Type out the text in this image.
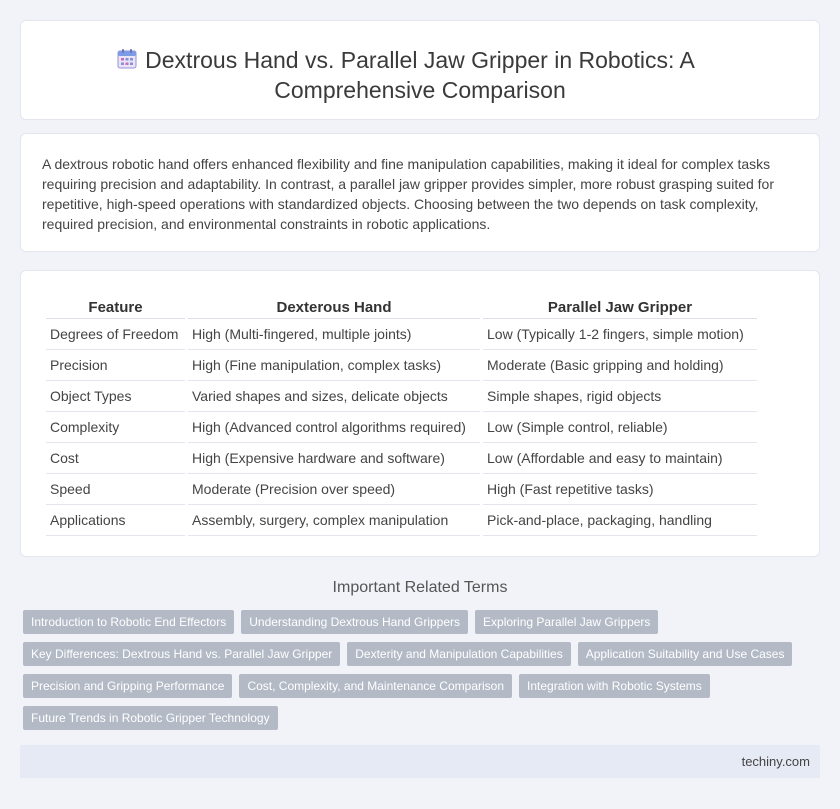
Dextrous Hand vs. Parallel Jaw Gripper in Robotics: A Comprehensive Comparison

A dextrous robotic hand offers enhanced flexibility and fine manipulation capabilities, making it ideal for complex tasks requiring precision and adaptability. In contrast, a parallel jaw gripper provides simpler, more robust grasping suited for repetitive, high-speed operations with standardized objects. Choosing between the two depends on task complexity, required precision, and environmental constraints in robotic applications.

Feature	Dexterous Hand	Parallel Jaw Gripper
Degrees of Freedom	High (Multi-fingered, multiple joints)	Low (Typically 1-2 fingers, simple motion)
Precision	High (Fine manipulation, complex tasks)	Moderate (Basic gripping and holding)
Object Types	Varied shapes and sizes, delicate objects	Simple shapes, rigid objects
Complexity	High (Advanced control algorithms required)	Low (Simple control, reliable)
Cost	High (Expensive hardware and software)	Low (Affordable and easy to maintain)
Speed	Moderate (Precision over speed)	High (Fast repetitive tasks)
Applications	Assembly, surgery, complex manipulation	Pick-and-place, packaging, handling
Important Related Terms
Introduction to Robotic End Effectors	Understanding Dextrous Hand Grippers	Exploring Parallel Jaw Grippers
Key Differences: Dextrous Hand vs. Parallel Jaw Gripper	Dexterity and Manipulation Capabilities	Application Suitability and Use Cases
Precision and Gripping Performance	Cost, Complexity, and Maintenance Comparison	Integration with Robotic Systems
Future Trends in Robotic Gripper Technology
techiny.com
